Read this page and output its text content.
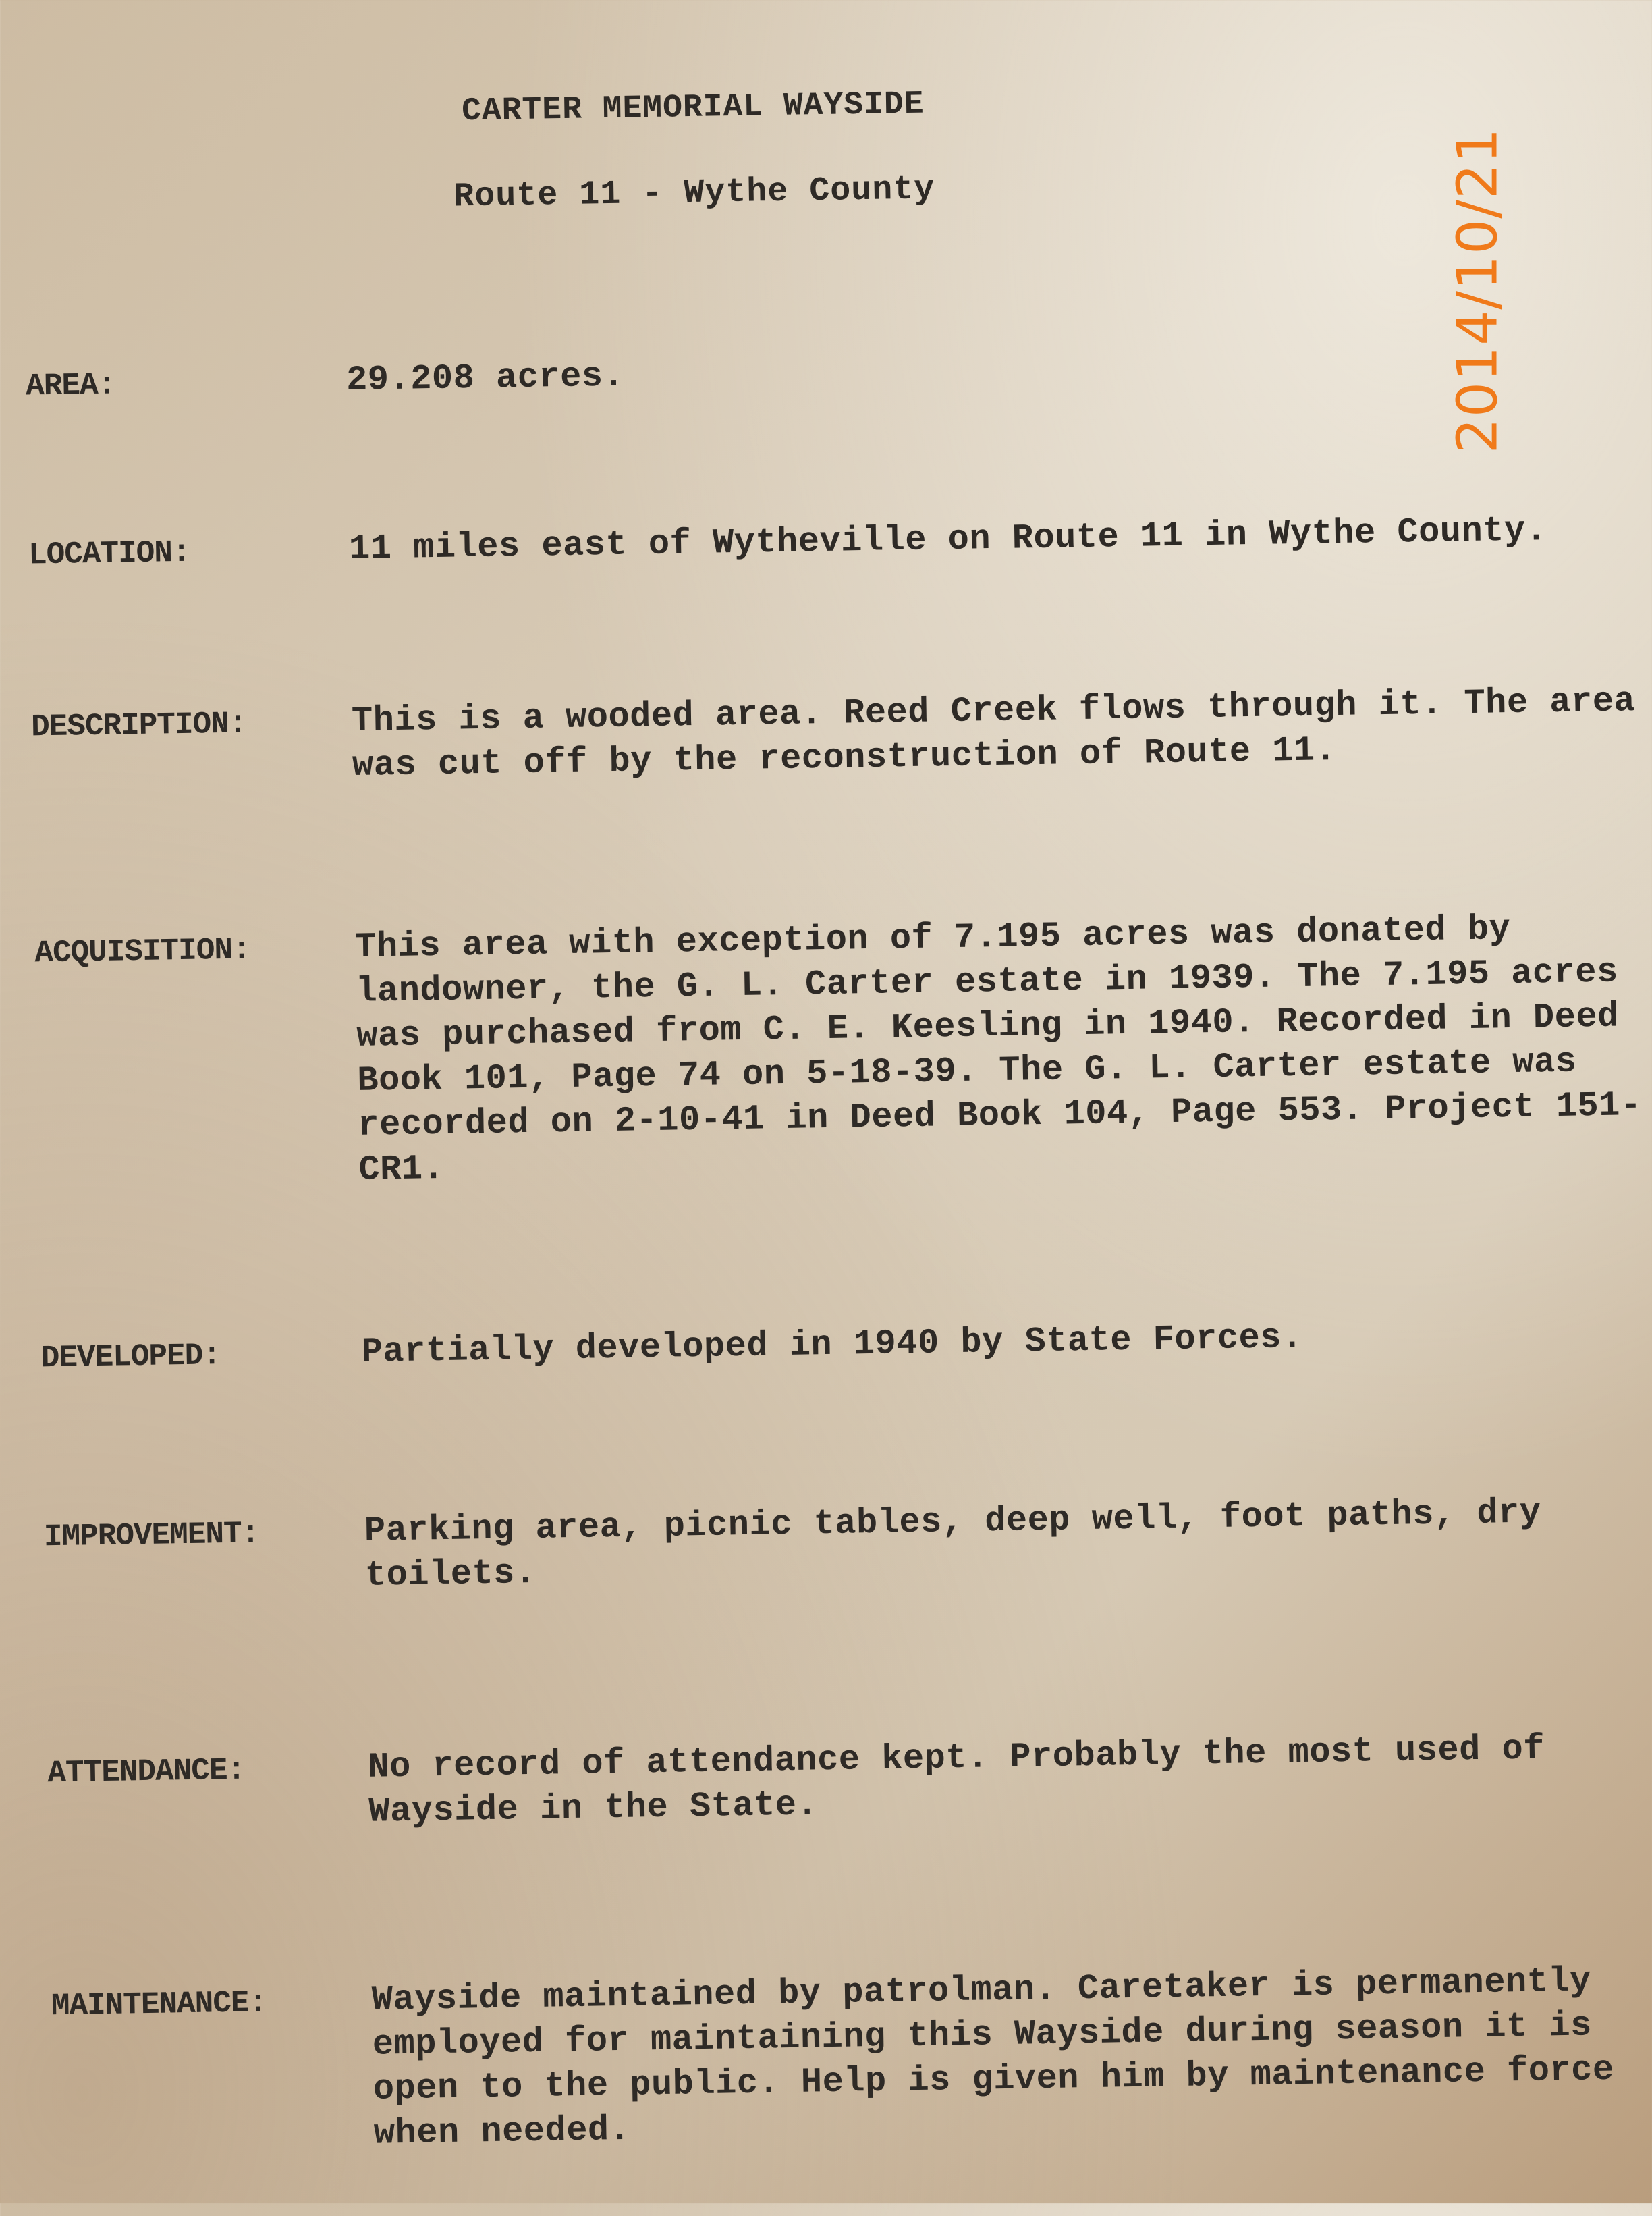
CARTER MEMORIAL WAYSIDE
Route 11 - Wythe County
AREA:	29.208 acres.
LOCATION:	11 miles east of Wytheville on Route 11 in Wythe County.
DESCRIPTION:	This is a wooded area. Reed Creek flows through it. The area was cut off by the reconstruction of Route 11.
ACQUISITION:	This area with exception of 7.195 acres was donated by landowner, the G. L. Carter estate in 1939. The 7.195 acres was purchased from C. E. Keesling in 1940. Recorded in Deed Book 101, Page 74 on 5-18-39. The G. L. Carter estate was recorded on 2-10-41 in Deed Book 104, Page 553. Project 151-CR1.
DEVELOPED:	Partially developed in 1940 by State Forces.
IMPROVEMENT:	Parking area, picnic tables, deep well, foot paths, dry toilets.
ATTENDANCE:	No record of attendance kept. Probably the most used of Wayside in the State.
MAINTENANCE:	Wayside maintained by patrolman. Caretaker is permanently employed for maintaining this Wayside during season it is open to the public. Help is given him by maintenance force when needed.
2014/10/21
